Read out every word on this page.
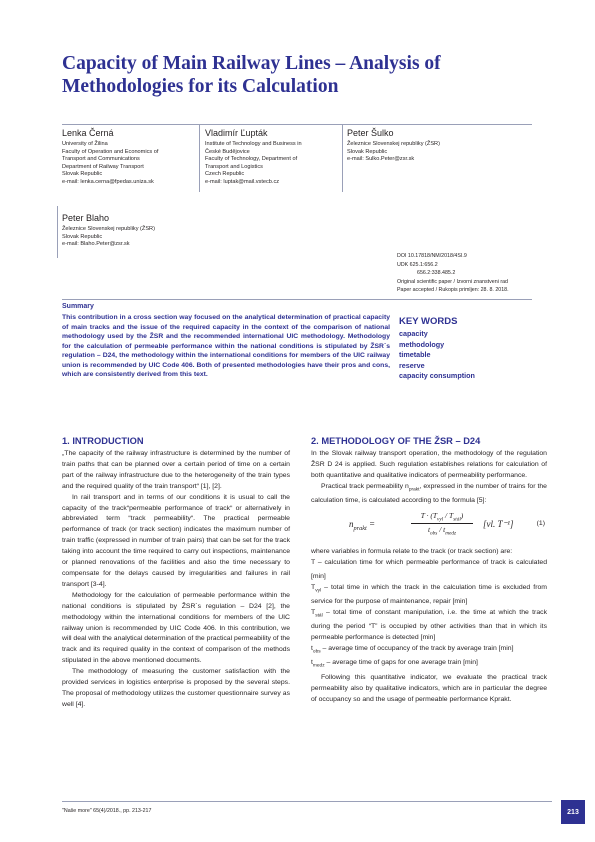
Capacity of Main Railway Lines – Analysis of Methodologies for its Calculation
Lenka Černá
University of Žilina
Faculty of Operation and Economics of
Transport and Communications
Department of Railway Transport
Slovak Republic
e-mail: lenka.cerna@fpedas.uniza.sk
Vladimír Ľupták
Institute of Technology and Business in
České Budějovice
Faculty of Technology, Department of
Transport and Logistics
Czech Republic
e-mail: luptak@mail.vstecb.cz
Peter Šulko
Železnice Slovenskej republiky (ŽSR)
Slovak Republic
e-mail: Sulko.Peter@zsr.sk
Peter Blaho
Železnice Slovenskej republiky (ŽSR)
Slovak Republic
e-mail: Blaho.Peter@zsr.sk
DOI 10.17818/NM/2018/4SI.9
UDK 625.1:656.2
656.2:338.485.2
Original scientific paper / Izvorni znanstveni rad
Paper accepted / Rukopis primljen: 28. 8. 2018.
Summary
This contribution in a cross section way focused on the analytical determination of practical capacity of main tracks and the issue of the required capacity in the context of the comparison of national methodology used by the ŽSR and the recommended international UIC methodology. Methodology for the calculation of permeable performance within the national conditions is stipulated by ŽSR´s regulation – D24, the methodology within the international conditions for members of the UIC railway union is recommended by UIC Code 406. Both of presented methodologies have their pros and cons, which are consistently derived from this text.
KEY WORDS
capacity
methodology
timetable
reserve
capacity consumption
1. INTRODUCTION

„The capacity of the railway infrastructure is determined by the number of train paths that can be planned over a certain period of time on a certain part of the railway infrastructure due to the heterogeneity of the train types and the required quality of the train transport“ [1], [2].

In rail transport and in terms of our conditions it is usual to call the capacity of the track“permeable performance of track“ or alternatively in abbreviated term “track permeability“. The practical permeable performance of track (or track section) indicates the maximum number of train traffic (expressed in number of train pairs) that can be set for the track taking into account the time required to carry out inspections, maintenance or planned renovations of the facilities and also the time necessary to compensate for the delays caused by irregularities and failures in rail transport [3-4].

Methodology for the calculation of permeable performance within the national conditions is stipulated by ŽSR´s regulation – D24 [2], the methodology within the international conditions for members of the UIC railway union is recommended by UIC Code 406. In this contribution, we will deal with the analytical determination of the practical permeability of the track and its required quality in the context of comparison of the methods stipulated in the above mentioned documents.

The methodology of measuring the customer satisfaction with the provided services in logistics enterprise is proposed by the several steps. The proposal of methodology utilizes the customer questionnaire survey as well [4].

2. METHODOLOGY OF THE ŽSR – D24

In the Slovak railway transport operation, the methodology of the regulation ŽSR D 24 is applied. Such regulation establishes relations for calculation of both quantitative and qualitative indicators of permeability performance.

Practical track permeability $n_{prakt}$, expressed in the number of trains for the calculation time, is calculated according to the formula [5]:

$n_{prakt}$ =
$T \cdot (T_{vyl} / T_{stál})$
$t_{obs} / t_{medz}$
[vl. T⁻¹]	(1)

where variables in formula relate to the track (or track section) are:

T – calculation time for which permeable performance of track is calculated [min]

$T_{vyl}$ – total time in which the track in the calculation time is excluded from service for the purpose of maintenance, repair [min]

$T_{stál}$ – total time of constant manipulation, i.e. the time at which the track during the period “T” is occupied by other activities than that in which its permeable performance is detected [min]

$t_{obs}$ – average time of occupancy of the track by average train [min]

$t_{medz}$ – average time of gaps for one average train [min]

Following this quantitative indicator, we evaluate the practical track permeability also by qualitative indicators, which are in particular the degree of occupancy so and the usage of permeable performance Kprakt.

"Naše more" 65(4)/2018., pp. 213-217	213
